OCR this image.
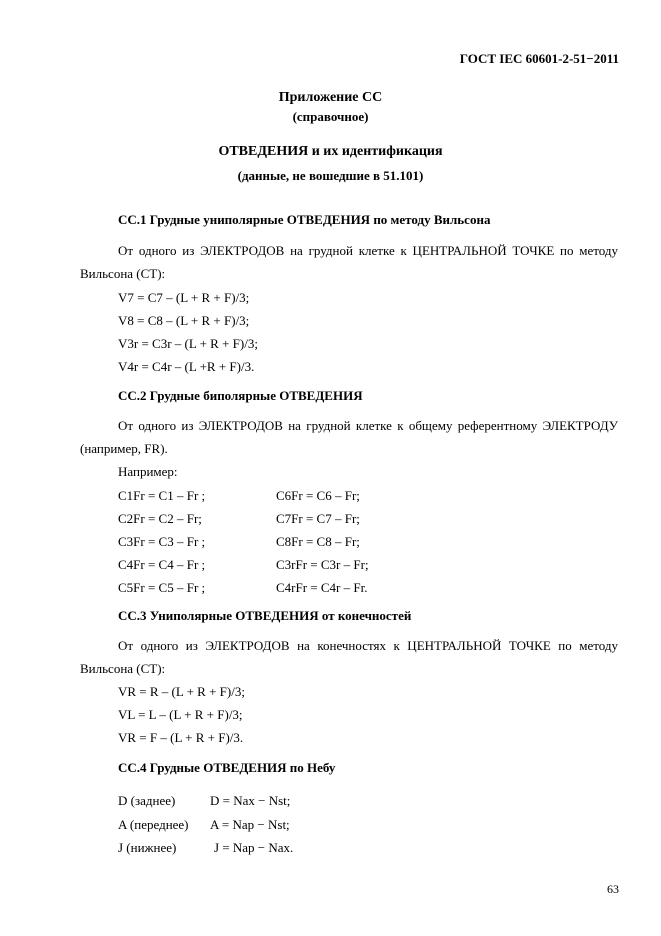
ГОСТ IEC 60601-2-51−2011
Приложение СС
(справочное)
ОТВЕДЕНИЯ и их идентификация
(данные, не вошедшие в 51.101)
СС.1 Грудные униполярные ОТВЕДЕНИЯ по методу Вильсона
От одного из ЭЛЕКТРОДОВ на грудной клетке к ЦЕНТРАЛЬНОЙ ТОЧКЕ по методу
Вильсона (СТ):
V7 = C7 – (L + R + F)/3;
V8 = C8 – (L + R + F)/3;
V3r = C3r – (L + R + F)/3;
V4r = C4r – (L +R + F)/3.
СС.2 Грудные биполярные ОТВЕДЕНИЯ
От одного из ЭЛЕКТРОДОВ на грудной клетке к общему референтному ЭЛЕКТРОДУ
(например, FR).
Например:
C1Fr = C1 – Fr ;	C6Fr = C6 – Fr;
C2Fr = C2 – Fr;	C7Fr = C7 – Fr;
C3Fr = C3 – Fr ;	C8Fr = C8 – Fr;
C4Fr = C4 – Fr ;	C3rFr = C3r – Fr;
C5Fr = C5 – Fr ;	C4rFr = C4r – Fr.
СС.3 Униполярные ОТВЕДЕНИЯ от конечностей
От одного из ЭЛЕКТРОДОВ на конечностях к ЦЕНТРАЛЬНОЙ ТОЧКЕ по методу
Вильсона (СТ):
VR = R – (L + R + F)/3;
VL = L – (L + R + F)/3;
VR = F – (L + R + F)/3.
СС.4 Грудные ОТВЕДЕНИЯ по Небу
D (заднее)	D = Nax − Nst;
A (переднее) A = Nap − Nst;
J (нижнее)	J = Nap − Nax.
63
